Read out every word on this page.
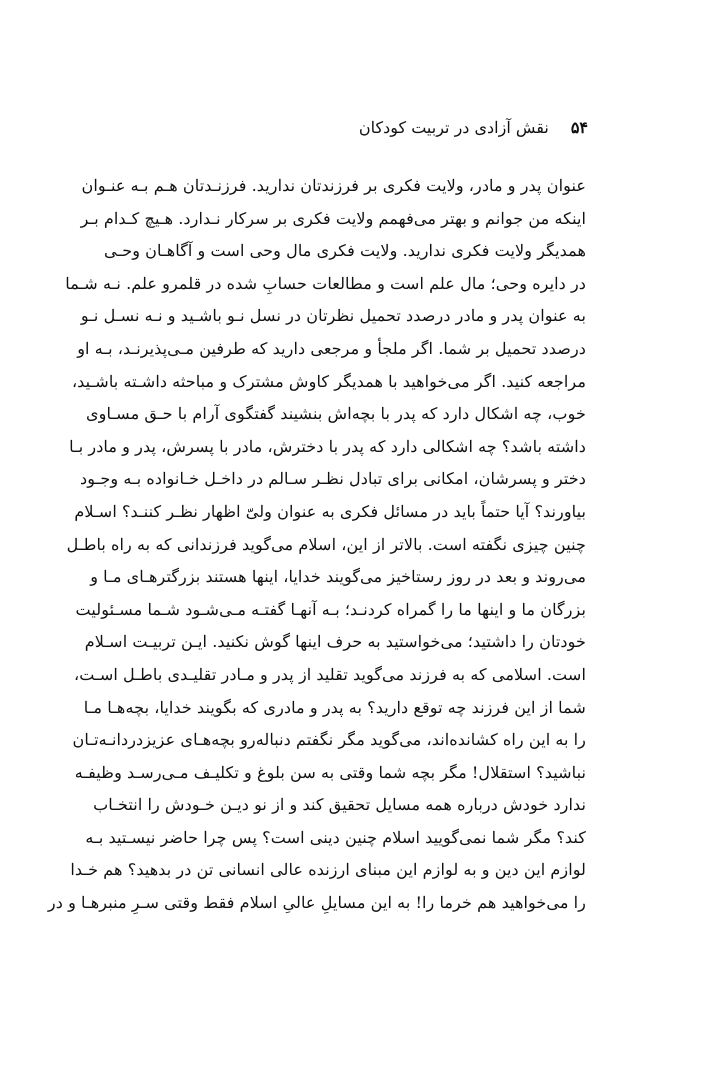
۵۴
نقش آزادی در تربیت کودکان
عنوان پدر و مادر، ولایت فکری بر فرزندتان ندارید. فرزنـدتان هـم بـه عنـوان
اینکه من جوانم و بهتر می‌فهمم ولایت فکری بر سرکار نـدارد. هـیچ کـدام بـر
همدیگر ولایت فکری ندارید. ولایت فکری مال وحی است و آگاهـان وحـی
در دایره وحی؛ مال علم است و مطالعات حسابِ شده در قلمرو علم. نـه شـما
به عنوان پدر و مادر درصدد تحمیل نظرتان در نسل نـو باشـید و نـه نسـل نـو
درصدد تحمیل بر شما. اگر ملجأ و مرجعی دارید که طرفین مـی‌پذیرنـد، بـه او
مراجعه کنید. اگر می‌خواهید با همدیگر کاوش مشترک و مباحثه داشـته باشـید،
خوب، چه اشکال دارد که پدر با بچه‌اش بنشیند گفتگوی آرام با حـق مسـاوی
داشته باشد؟ چه اشکالی دارد که پدر با دخترش، مادر با پسرش، پدر و مادر بـا
دختر و پسرشان، امکانی برای تبادل نظـر سـالم در داخـل خـانواده بـه وجـود
بیاورند؟ آیا حتماً باید در مسائل فکری به عنوان ولیّ اظهار نظـر کننـد؟ اسـلام
چنین چیزی نگفته است. بالاتر از این، اسلام می‌گوید فرزندانی که به راه باطـل
می‌روند و بعد در روز رستاخیز می‌گویند خدایا، اینها هستند بزرگترهـای مـا و
بزرگان ما و اینها ما را گمراه کردنـد؛ بـه آنهـا گفتـه مـی‌شـود شـما مسـئولیت
خودتان را داشتید؛ می‌خواستید به حرف اینها گوش نکنید. ایـن تربیـت اسـلام
است. اسلامی که به فرزند می‌گوید تقلید از پدر و مـادر تقلیـدی باطـل اسـت،
شما از این فرزند چه توقع دارید؟ به پدر و مادری که بگویند خدایا، بچه‌هـا مـا
را به این راه کشانده‌اند، می‌گوید مگر نگفتم دنباله‌رو بچه‌هـای عزیزدردانـه‌تـان
نباشید؟ استقلال! مگر بچه شما وقتی به سن بلوغ و تکلیـف مـی‌رسـد وظیفـه
ندارد خودش درباره همه مسایل تحقیق کند و از نو دیـن خـودش را انتخـاب
کند؟ مگر شما نمی‌گویید اسلام چنین دینی است؟ پس چرا حاضر نیسـتید بـه
لوازم این دین و به لوازم این مبنای ارزنده عالی انسانی تن در بدهید؟ هم خـدا
را می‌خواهید هم خرما را! به این مسایلِ عالیِ اسلام فقط وقتی سـرِ منبرهـا و در
